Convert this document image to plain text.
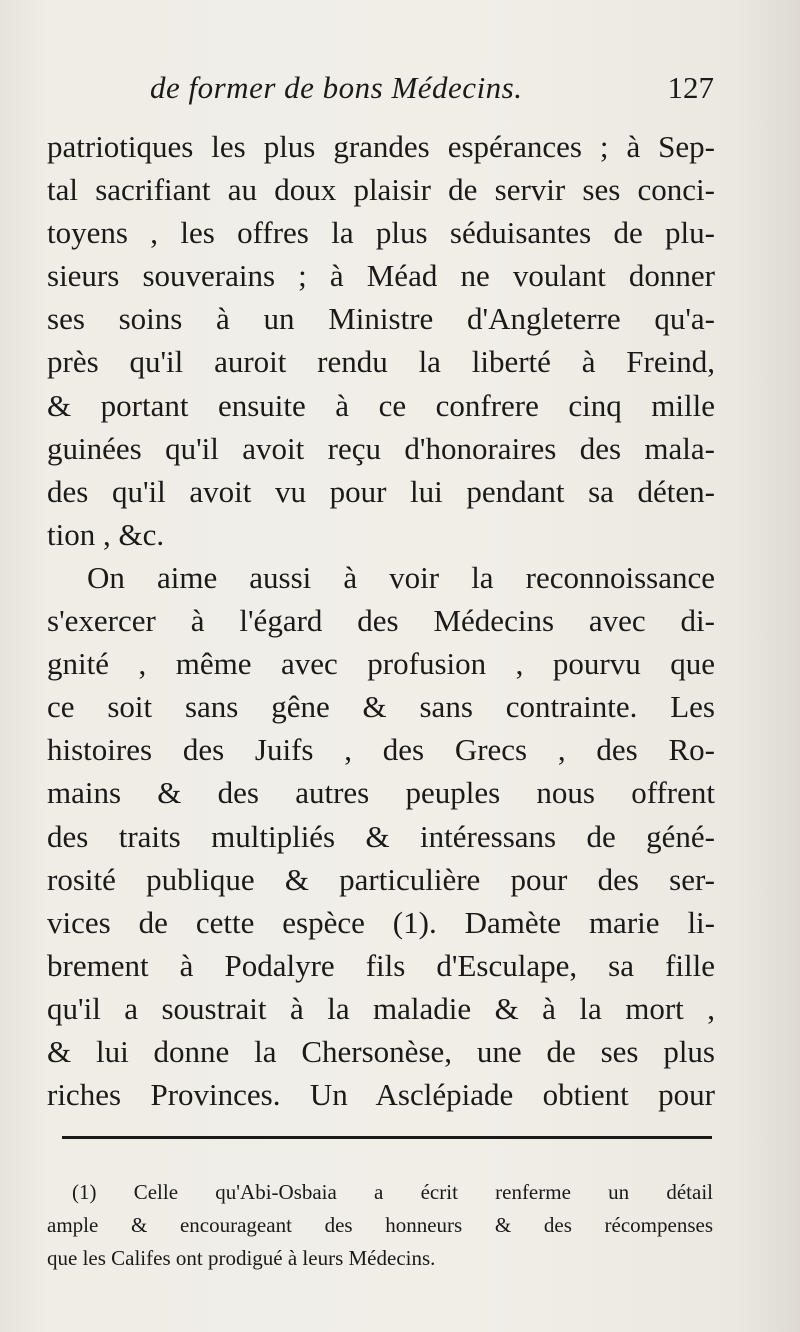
de former de bons Médecins.	127
patriotiques les plus grandes espérances ; à Sep-
tal sacrifiant au doux plaisir de servir ses conci-
toyens , les offres la plus séduisantes de plu-
sieurs souverains ; à Méad ne voulant donner
ses soins à un Ministre d'Angleterre qu'a-
près qu'il auroit rendu la liberté à Freind,
& portant ensuite à ce confrere cinq mille
guinées qu'il avoit reçu d'honoraires des mala-
des qu'il avoit vu pour lui pendant sa déten-
tion , &c.
On aime aussi à voir la reconnoissance
s'exercer à l'égard des Médecins avec di-
gnité , même avec profusion , pourvu que
ce soit sans gêne & sans contrainte. Les
histoires des Juifs , des Grecs , des Ro-
mains & des autres peuples nous offrent
des traits multipliés & intéressans de géné-
rosité publique & particulière pour des ser-
vices de cette espèce (1). Damète marie li-
brement à Podalyre fils d'Esculape, sa fille
qu'il a soustrait à la maladie & à la mort ,
& lui donne la Chersonèse, une de ses plus
riches Provinces. Un Asclépiade obtient pour
(1) Celle qu'Abi-Osbaia a écrit renferme un détail
ample & encourageant des honneurs & des récompenses
que les Califes ont prodigué à leurs Médecins.
